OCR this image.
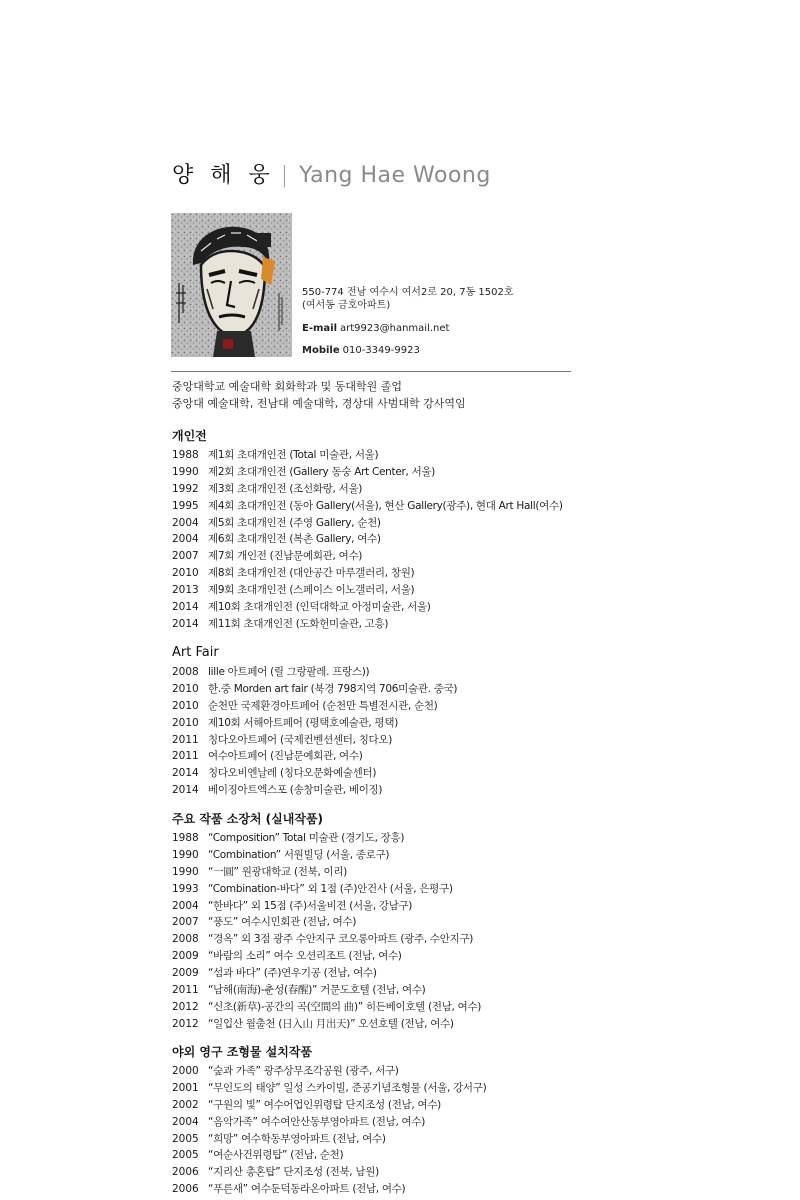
양 해 웅 | Yang Hae Woong
550-774 전남 여수시 여서2로 20, 7동 1502호
(여서동 금호아파트)
E-mail art9923@hanmail.net
Mobile 010-3349-9923
중앙대학교 예술대학 회화학과 및 동대학원 졸업
중앙대 예술대학, 전남대 예술대학, 경상대 사범대학 강사역임
개인전
1988 제1회 초대개인전 (Total 미술관, 서울)
1990 제2회 초대개인전 (Gallery 동숭 Art Center, 서울)
1992 제3회 초대개인전 (조선화랑, 서울)
1995 제4회 초대개인전 (동아 Gallery(서울), 현산 Gallery(광주), 현대 Art Hall(여수)
2004 제5회 초대개인전 (주영 Gallery, 순천)
2004 제6회 초대개인전 (복촌 Gallery, 여수)
2007 제7회 개인전 (진남문예회관, 여수)
2010 제8회 초대개인전 (대안공간 마루갤러리, 창원)
2013 제9회 초대개인전 (스페이스 이노갤러리, 서울)
2014 제10회 초대개인전 (인덕대학교 아정미술관, 서울)
2014 제11회 초대개인전 (도화헌미술관, 고흥)
Art Fair
2008 lille 아트페어 (릴 그랑팔레. 프랑스))
2010 한.중 Morden art fair (북경 798지역 706미술관. 중국)
2010 순천만 국제환경아트페어 (순천만 특별전시관, 순천)
2010 제10회 서해아트페어 (평택호예술관, 평택)
2011 칭다오아트페어 (국제컨벤션센터, 칭다오)
2011 여수아트페어 (진남문예회관, 여수)
2014 칭다오비엔날레 (칭다오문화예술센터)
2014 베이징아트엑스포 (송창미술관, 베이징)
주요 작품 소장처 (실내작품)
1988 “Composition” Total 미술관 (경기도, 장흥)
1990 “Combination” 서원빌딩 (서울, 종로구)
1990 “一圓” 원광대학교 (전북, 이리)
1993 “Combination-바다” 외 1점 (주)안건사 (서울, 은평구)
2004 “한바다” 외 15점 (주)서울비젼 (서울, 강남구)
2007 “풍도” 여수시민회관 (전남, 여수)
2008 “경옥” 외 3점 광주 수안지구 코오롱아파트 (광주, 수안지구)
2009 “바람의 소리” 여수 오션리조트 (전남, 여수)
2009 “섬과 바다” (주)연우기공 (전남, 여수)
2011 “남해(南海)-춘성(春醒)” 거문도호텔 (전남, 여수)
2012 “신초(新草)-공간의 곡(空間의 曲)” 히든베이호텔 (전남, 여수)
2012 “일입산 월출천 (日入山 月出天)” 오션호텔 (전남, 여수)
야외 영구 조형물 설치작품
2000 “숲과 가족” 광주상무조각공원 (광주, 서구)
2001 “무인도의 태양” 일성 스카이빌, 준공기념조형물 (서울, 강서구)
2002 “구원의 빛” 여수어업인위령탑 단지조성 (전남, 여수)
2004 “음악가족” 여수여안산동부영아파트 (전남, 여수)
2005 “희망” 여수학동부영아파트 (전남, 여수)
2005 “여순사건위령탑” (전남, 순천)
2006 “지리산 총혼탑” 단지조성 (전북, 남원)
2006 “푸른새” 여수둔덕동라온아파트 (전남, 여수)
